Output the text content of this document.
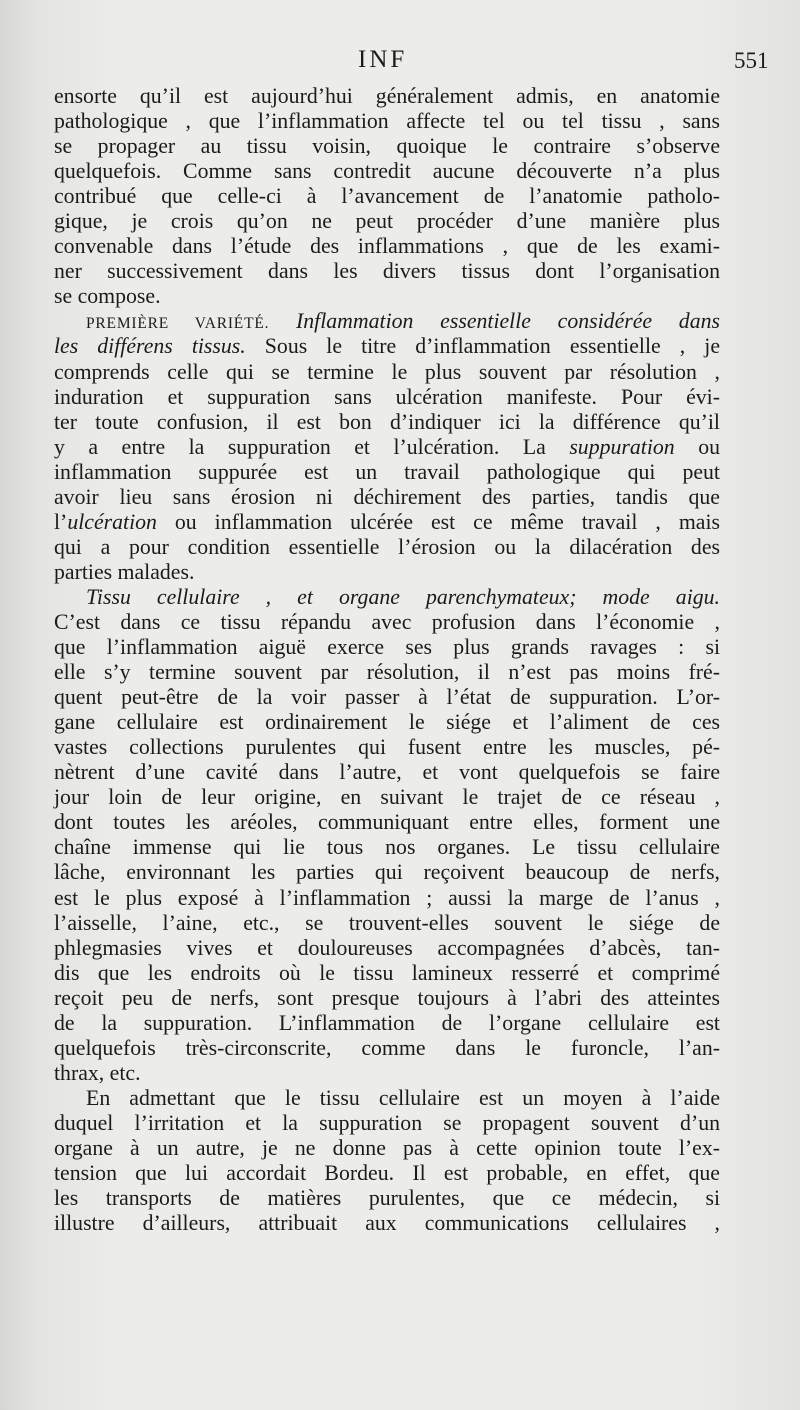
INF	551
ensorte qu’il est aujourd’hui généralement admis, en anatomie
pathologique , que l’inflammation affecte tel ou tel tissu , sans
se propager au tissu voisin, quoique le contraire s’observe
quelquefois. Comme sans contredit aucune découverte n’a plus
contribué que celle-ci à l’avancement de l’anatomie patholo-
gique, je crois qu’on ne peut procéder d’une manière plus
convenable dans l’étude des inflammations , que de les exami-
ner successivement dans les divers tissus dont l’organisation
se compose.
PREMIÈRE VARIÉTÉ. Inflammation essentielle considérée dans
les différens tissus. Sous le titre d’inflammation essentielle , je
comprends celle qui se termine le plus souvent par résolution ,
induration et suppuration sans ulcération manifeste. Pour évi-
ter toute confusion, il est bon d’indiquer ici la différence qu’il
y a entre la suppuration et l’ulcération. La suppuration ou
inflammation suppurée est un travail pathologique qui peut
avoir lieu sans érosion ni déchirement des parties, tandis que
l’ulcération ou inflammation ulcérée est ce même travail , mais
qui a pour condition essentielle l’érosion ou la dilacération des
parties malades.
Tissu cellulaire , et organe parenchymateux; mode aigu.
C’est dans ce tissu répandu avec profusion dans l’économie ,
que l’inflammation aiguë exerce ses plus grands ravages : si
elle s’y termine souvent par résolution, il n’est pas moins fré-
quent peut-être de la voir passer à l’état de suppuration. L’or-
gane cellulaire est ordinairement le siége et l’aliment de ces
vastes collections purulentes qui fusent entre les muscles, pé-
nètrent d’une cavité dans l’autre, et vont quelquefois se faire
jour loin de leur origine, en suivant le trajet de ce réseau ,
dont toutes les aréoles, communiquant entre elles, forment une
chaîne immense qui lie tous nos organes. Le tissu cellulaire
lâche, environnant les parties qui reçoivent beaucoup de nerfs,
est le plus exposé à l’inflammation ; aussi la marge de l’anus ,
l’aisselle, l’aine, etc., se trouvent-elles souvent le siége de
phlegmasies vives et douloureuses accompagnées d’abcès, tan-
dis que les endroits où le tissu lamineux resserré et comprimé
reçoit peu de nerfs, sont presque toujours à l’abri des atteintes
de la suppuration. L’inflammation de l’organe cellulaire est
quelquefois très-circonscrite, comme dans le furoncle, l’an-
thrax, etc.
En admettant que le tissu cellulaire est un moyen à l’aide
duquel l’irritation et la suppuration se propagent souvent d’un
organe à un autre, je ne donne pas à cette opinion toute l’ex-
tension que lui accordait Bordeu. Il est probable, en effet, que
les transports de matières purulentes, que ce médecin, si
illustre d’ailleurs, attribuait aux communications cellulaires ,
